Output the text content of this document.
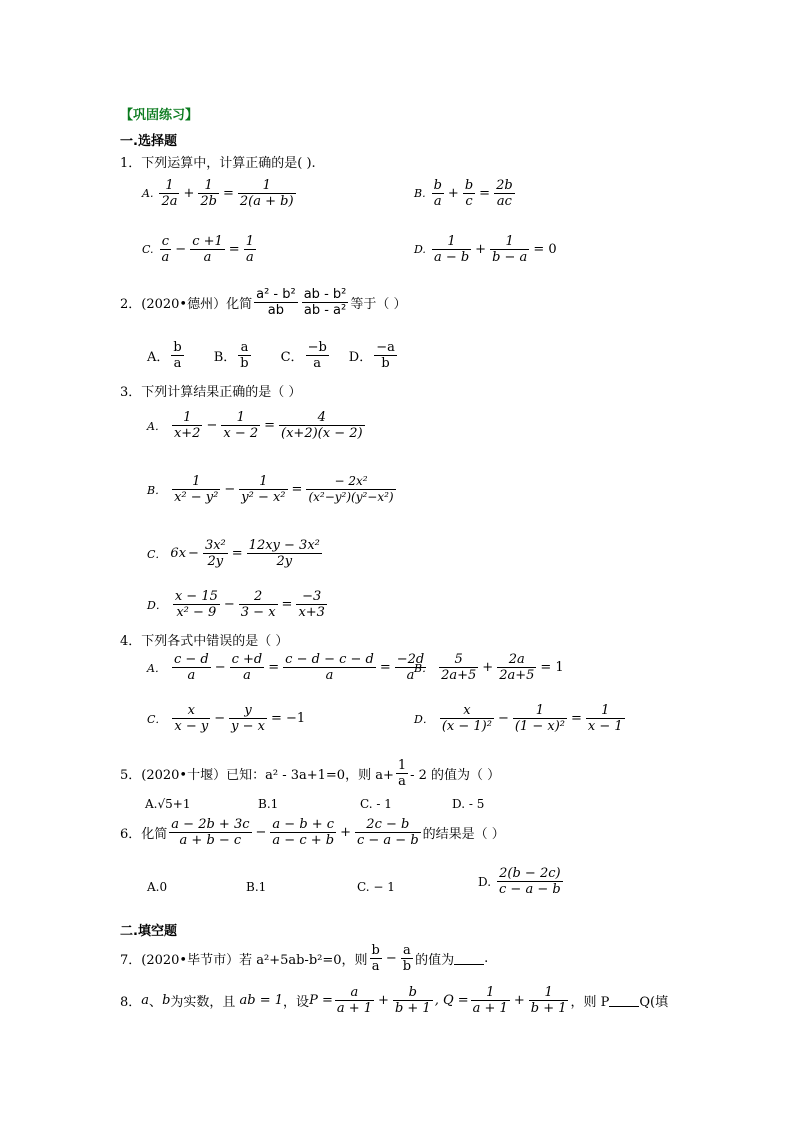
【巩固练习】
一.选择题
1．下列运算中，计算正确的是( ).
A. $\frac{1}{2a} + \frac{1}{2b} = \frac{1}{2(a + b)}$	B. $\frac{b}{a} + \frac{b}{c} = \frac{2b}{ac}$
C. $\frac{c}{a} - \frac{c +1}{a} = \frac{1}{a}$	D. $\frac{1}{a - b} + \frac{1}{b - a} = 0$
2．(2020•德州）化简 $\frac{\text{a² - b²}}{ab} \frac{\text{ab - b²}}{\text{ab - a²}}$ 等于（ ）
A． $\frac{b}{a}$ B． $\frac{a}{b}$ C． $\frac{-b}{a}$ D． $\frac{-a}{b}$
3．下列计算结果正确的是（ ）
A． $\frac{1}{x+2} - \frac{1}{x - 2} = \frac{4}{(x+2)(x - 2)}$
B． $\frac{1}{\text{x² − y²}} - \frac{1}{\text{y² − x²}} = \frac{\text{− 2x²}}{\text{(x²−y²)(y²−x²)}}$
C． $6x - \frac{\text{3x²}}{2y} = \frac{\text{12xy − 3x²}}{2y}$
D． $\frac{x - 15}{\text{x² − 9}} - \frac{2}{3 - x} = \frac{-3}{x+3}$
4．下列各式中错误的是（ ）
A． $\frac{c - d}{a} - \frac{c +d}{a} = \frac{c - d - c - d}{a} = \frac{-2d}{a}$
B． $\frac{5}{2a+5} + \frac{2a}{2a+5} = 1$
C． $\frac{x}{x - y} - \frac{y}{y - x} = -1$	D． $\frac{x}{\text{(x − 1)²}} - \frac{1}{\text{(1 − x)²}} = \frac{1}{x - 1}$
5．(2020•十堰）已知：a² - 3a+1=0，则 $a+ \frac{1}{a} - 2$ 的值为（ ）
A.√5+1	B.1	C. - 1	D. - 5
6．化简 $\frac{a - 2b + 3c}{a + b - c} - \frac{a - b + c}{a - c + b} + \frac{2c - b}{c - a - b}$ 的结果是（ ）
A.0	B.1	C. − 1	D. $\frac{2(b - 2c)}{c - a - b}$
二.填空题
7．(2020•毕节市）若 a²+5ab-b²=0，则 $\frac{b}{a} - \frac{a}{b}$ 的值为 .
8． a 、 b 为实数，且 ab = 1 ，设 $P = \frac{a}{a + 1} + \frac{b}{b + 1}$ , $Q = \frac{1}{a + 1} + \frac{1}{b + 1}$ ，则 P Q(填
